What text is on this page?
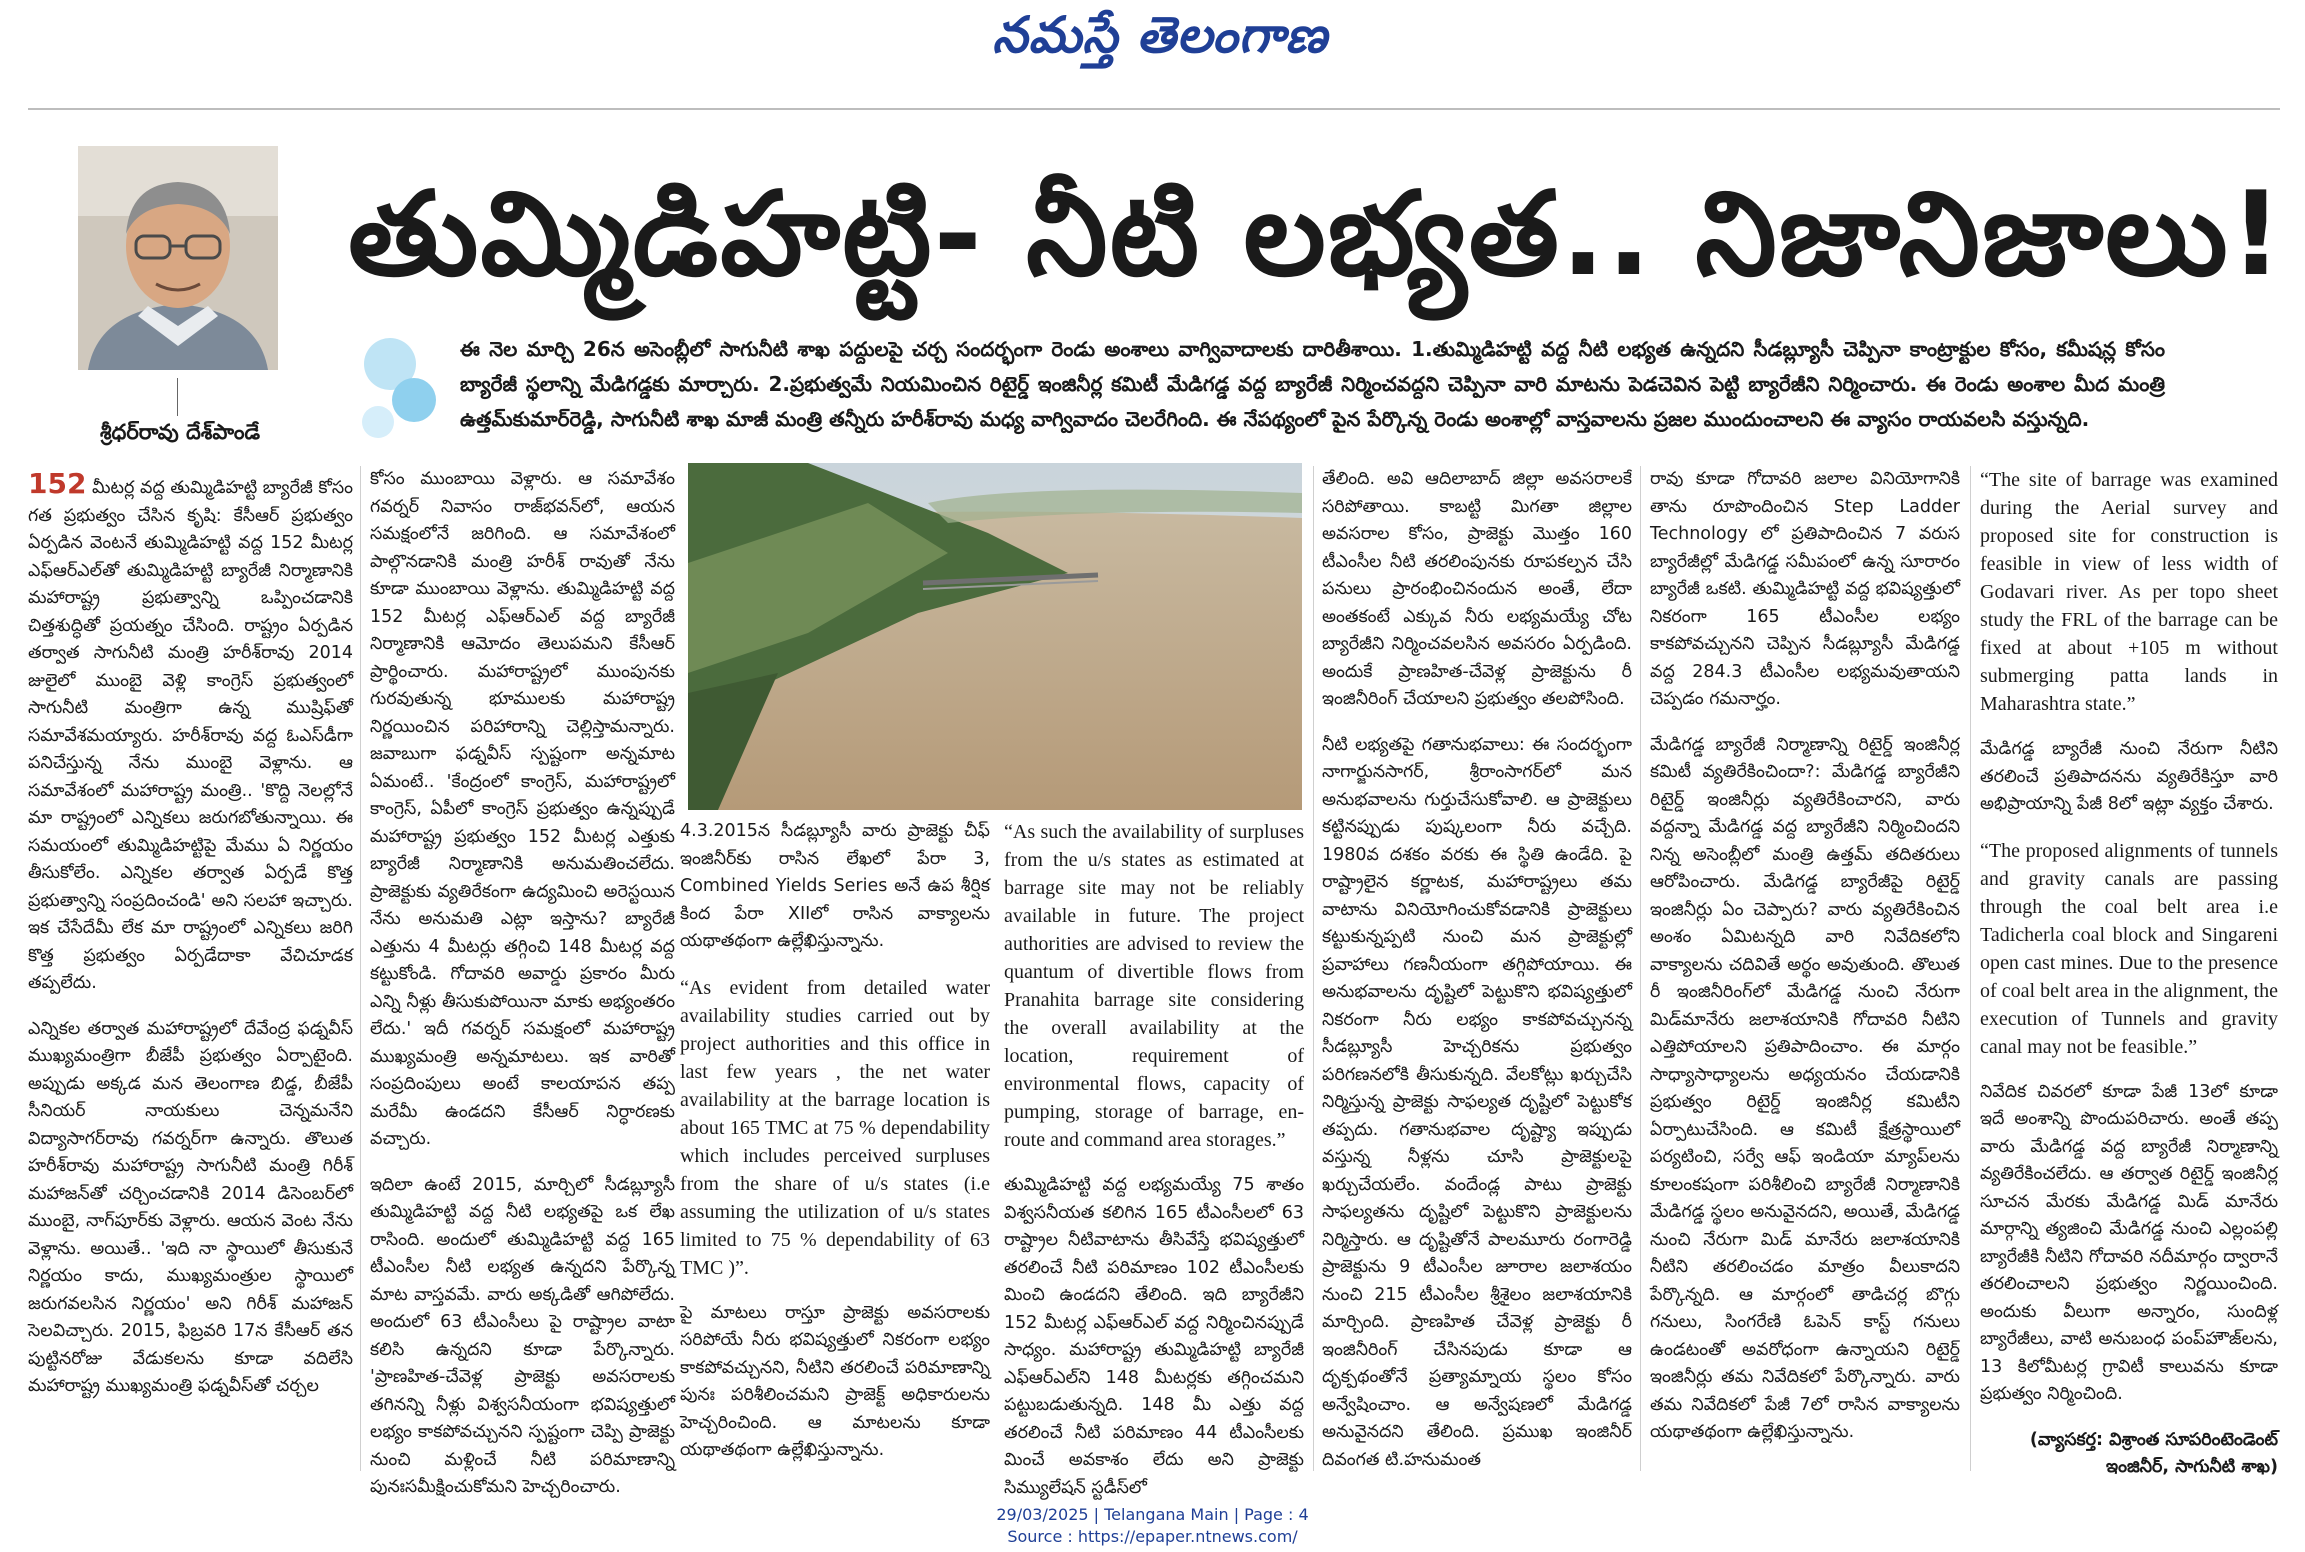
నమస్తే తెలంగాణ
శ్రీధర్‌రావు దేశ్‌పాండే
తుమ్మిడిహట్టి- నీటి లభ్యత.. నిజానిజాలు!
ఈ నెల మార్చి 26న అసెంబ్లీలో సాగునీటి శాఖ పద్దులపై చర్చ సందర్భంగా రెండు అంశాలు వాగ్వివాదాలకు దారితీశాయి. 1.తుమ్మిడిహట్టి వద్ద నీటి లభ్యత ఉన్నదని సీడబ్ల్యూసీ చెప్పినా కాంట్రాక్టుల కోసం, కమీషన్ల కోసం బ్యారేజీ స్థలాన్ని మేడిగడ్డకు మార్చారు. 2.ప్రభుత్వమే నియమించిన రిటైర్డ్ ఇంజినీర్ల కమిటీ మేడిగడ్డ వద్ద బ్యారేజీ నిర్మించవద్దని చెప్పినా వారి మాటను పెడచెవిన పెట్టి బ్యారేజీని నిర్మించారు. ఈ రెండు అంశాల మీద మంత్రి ఉత్తమ్‌కుమార్‌రెడ్డి, సాగునీటి శాఖ మాజీ మంత్రి తన్నీరు హరీశ్‌రావు మధ్య వాగ్వివాదం చెలరేగింది. ఈ నేపథ్యంలో పైన పేర్కొన్న రెండు అంశాల్లో వాస్తవాలను ప్రజల ముందుంచాలని ఈ వ్యాసం రాయవలసి వస్తున్నది.

152 మీటర్ల వద్ద తుమ్మిడిహట్టి బ్యారేజీ కోసం గత ప్రభుత్వం చేసిన కృషి: కేసీఆర్ ప్రభుత్వం ఏర్పడిన వెంటనే తుమ్మిడిహట్టి వద్ద 152 మీటర్ల ఎఫ్‌ఆర్‌ఎల్‌తో తుమ్మిడిహట్టి బ్యారేజీ నిర్మాణానికి మహారాష్ట్ర ప్రభుత్వాన్ని ఒప్పించడానికి చిత్తశుద్ధితో ప్రయత్నం చేసింది. రాష్ట్రం ఏర్పడిన తర్వాత సాగునీటి మంత్రి హరీశ్‌రావు 2014 జులైలో ముంబై వెళ్లి కాంగ్రెస్ ప్రభుత్వంలో సాగునీటి మంత్రిగా ఉన్న ముష్రిఫ్‌తో సమావేశమయ్యారు. హరీశ్‌రావు వద్ద ఓఎస్‌డీగా పనిచేస్తున్న నేను ముంబై వెళ్లాను. ఆ సమావేశంలో మహారాష్ట్ర మంత్రి.. 'కొద్ది నెలల్లోనే మా రాష్ట్రంలో ఎన్నికలు జరుగబోతున్నాయి. ఈ సమయంలో తుమ్మిడిహట్టిపై మేము ఏ నిర్ణయం తీసుకోలేం. ఎన్నికల తర్వాత ఏర్పడే కొత్త ప్రభుత్వాన్ని సంప్రదించండి' అని సలహా ఇచ్చారు. ఇక చేసేదేమీ లేక మా రాష్ట్రంలో ఎన్నికలు జరిగి కొత్త ప్రభుత్వం ఏర్పడేదాకా వేచిచూడక తప్పలేదు.

ఎన్నికల తర్వాత మహారాష్ట్రలో దేవేంద్ర ఫడ్నవీస్ ముఖ్యమంత్రిగా బీజేపీ ప్రభుత్వం ఏర్పాటైంది. అప్పుడు అక్కడ మన తెలంగాణ బిడ్డ, బీజేపీ సీనియర్ నాయకులు చెన్నమనేని విద్యాసాగర్‌రావు గవర్నర్‌గా ఉన్నారు. తొలుత హరీశ్‌రావు మహారాష్ట్ర సాగునీటి మంత్రి గిరీశ్ మహాజన్‌తో చర్చించడానికి 2014 డిసెంబర్‌లో ముంబై, నాగ్‌పూర్‌కు వెళ్లారు. ఆయన వెంట నేను వెళ్లాను. అయితే.. 'ఇది నా స్థాయిలో తీసుకునే నిర్ణయం కాదు, ముఖ్యమంత్రుల స్థాయిలో జరుగవలసిన నిర్ణయం' అని గిరీశ్ మహాజన్ సెలవిచ్చారు. 2015, ఫిబ్రవరి 17న కేసీఆర్ తన పుట్టినరోజు వేడుకలను కూడా వదిలేసి మహారాష్ట్ర ముఖ్యమంత్రి ఫడ్నవీస్‌తో చర్చల

కోసం ముంబాయి వెళ్లారు. ఆ సమావేశం గవర్నర్ నివాసం రాజ్‌భవన్‌లో, ఆయన సమక్షంలోనే జరిగింది. ఆ సమావేశంలో పాల్గొనడానికి మంత్రి హరీశ్ రావుతో నేను కూడా ముంబాయి వెళ్లాను. తుమ్మిడిహట్టి వద్ద 152 మీటర్ల ఎఫ్‌ఆర్‌ఎల్ వద్ద బ్యారేజీ నిర్మాణానికి ఆమోదం తెలుపమని కేసీఆర్ ప్రార్థించారు. మహారాష్ట్రలో ముంపునకు గురవుతున్న భూములకు మహారాష్ట్ర నిర్ణయించిన పరిహారాన్ని చెల్లిస్తామన్నారు. జవాబుగా ఫడ్నవీస్ స్పష్టంగా అన్నమాట ఏమంటే.. 'కేంద్రంలో కాంగ్రెస్, మహారాష్ట్రలో కాంగ్రెస్, ఏపీలో కాంగ్రెస్ ప్రభుత్వం ఉన్నప్పుడే మహారాష్ట్ర ప్రభుత్వం 152 మీటర్ల ఎత్తుకు బ్యారేజీ నిర్మాణానికి అనుమతించలేదు. ప్రాజెక్టుకు వ్యతిరేకంగా ఉద్యమించి అరెస్టయిన నేను అనుమతి ఎట్లా ఇస్తాను? బ్యారేజీ ఎత్తును 4 మీటర్లు తగ్గించి 148 మీటర్ల వద్ద కట్టుకోండి. గోదావరి అవార్డు ప్రకారం మీరు ఎన్ని నీళ్లు తీసుకుపోయినా మాకు అభ్యంతరం లేదు.' ఇదీ గవర్నర్ సమక్షంలో మహారాష్ట్ర ముఖ్యమంత్రి అన్నమాటలు. ఇక వారితో సంప్రదింపులు అంటే కాలయాపన తప్ప మరేమీ ఉండదని కేసీఆర్ నిర్ధారణకు వచ్చారు.

ఇదిలా ఉంటే 2015, మార్చిలో సీడబ్ల్యూసీ తుమ్మిడిహట్టి వద్ద నీటి లభ్యతపై ఒక లేఖ రాసింది. అందులో తుమ్మిడిహట్టి వద్ద 165 టీఎంసీల నీటి లభ్యత ఉన్నదని పేర్కొన్న మాట వాస్తవమే. వారు అక్కడితో ఆగిపోలేదు. అందులో 63 టీఎంసీలు పై రాష్ట్రాల వాటా కలిసి ఉన్నదని కూడా పేర్కొన్నారు. 'ప్రాణహిత-చేవెళ్ల ప్రాజెక్టు అవసరాలకు తగినన్ని నీళ్లు విశ్వసనీయంగా భవిష్యత్తులో లభ్యం కాకపోవచ్చునని స్పష్టంగా చెప్పి ప్రాజెక్టు నుంచి మళ్లించే నీటి పరిమాణాన్ని పునఃసమీక్షించుకోమని హెచ్చరించారు.

4.3.2015న సీడబ్ల్యూసీ వారు ప్రాజెక్టు చీఫ్ ఇంజినీర్‌కు రాసిన లేఖలో పేరా 3, Combined Yields Series అనే ఉప శీర్షిక కింద పేరా XIIలో రాసిన వాక్యాలను యథాతథంగా ఉల్లేఖిస్తున్నాను.

“As evident from detailed water availability studies carried out by project authorities and this office in last few years , the net water availability at the barrage location is about 165 TMC at 75 % dependability which includes perceived surpluses from the share of u/s states (i.e assuming the utilization of u/s states limited to 75 % dependability of 63 TMC )”.

పై మాటలు రాస్తూ ప్రాజెక్టు అవసరాలకు సరిపోయే నీరు భవిష్యత్తులో నికరంగా లభ్యం కాకపోవచ్చునని, నీటిని తరలించే పరిమాణాన్ని పునః పరిశీలించమని ప్రాజెక్ట్ అధికారులను హెచ్చరించింది. ఆ మాటలను కూడా యథాతథంగా ఉల్లేఖిస్తున్నాను.

“As such the availability of surpluses from the u/s states as estimated at barrage site may not be reliably available in future. The project authorities are advised to review the quantum of divertible flows from Pranahita barrage site considering the overall availability at the location, requirement of environmental flows, capacity of pumping, storage of barrage, en-route and command area storages.”

తుమ్మిడిహట్టి వద్ద లభ్యమయ్యే 75 శాతం విశ్వసనీయత కలిగిన 165 టీఎంసీలలో 63 రాష్ట్రాల నీటివాటాను తీసివేస్తే భవిష్యత్తులో తరలించే నీటి పరిమాణం 102 టీఎంసీలకు మించి ఉండదని తేలింది. ఇది బ్యారేజీని 152 మీటర్ల ఎఫ్‌ఆర్‌ఎల్ వద్ద నిర్మించినప్పుడే సాధ్యం. మహారాష్ట్ర తుమ్మిడిహట్టి బ్యారేజీ ఎఫ్‌ఆర్‌ఎల్‌ని 148 మీటర్లకు తగ్గించమని పట్టుబడుతున్నది. 148 మీ ఎత్తు వద్ద తరలించే నీటి పరిమాణం 44 టీఎంసీలకు మించే అవకాశం లేదు అని ప్రాజెక్టు సిమ్యులేషన్ స్టడీస్‌లో

తేలింది. అవి ఆదిలాబాద్ జిల్లా అవసరాలకే సరిపోతాయి. కాబట్టి మిగతా జిల్లాల అవసరాల కోసం, ప్రాజెక్టు మొత్తం 160 టీఎంసీల నీటి తరలింపునకు రూపకల్పన చేసి పనులు ప్రారంభించినందున అంతే, లేదా అంతకంటే ఎక్కువ నీరు లభ్యమయ్యే చోట బ్యారేజీని నిర్మించవలసిన అవసరం ఏర్పడింది. అందుకే ప్రాణహిత-చేవెళ్ల ప్రాజెక్టును రీ ఇంజినీరింగ్ చేయాలని ప్రభుత్వం తలపోసింది.

నీటి లభ్యతపై గతానుభవాలు: ఈ సందర్భంగా నాగార్జునసాగర్, శ్రీరాంసాగర్‌లో మన అనుభవాలను గుర్తుచేసుకోవాలి. ఆ ప్రాజెక్టులు కట్టినప్పుడు పుష్కలంగా నీరు వచ్చేది. 1980వ దశకం వరకు ఈ స్థితి ఉండేది. పై రాష్ట్రాలైన కర్ణాటక, మహారాష్ట్రలు తమ వాటాను వినియోగించుకోవడానికి ప్రాజెక్టులు కట్టుకున్నప్పటి నుంచి మన ప్రాజెక్టుల్లో ప్రవాహాలు గణనీయంగా తగ్గిపోయాయి. ఈ అనుభవాలను దృష్టిలో పెట్టుకొని భవిష్యత్తులో నికరంగా నీరు లభ్యం కాకపోవచ్చునన్న సీడబ్ల్యూసీ హెచ్చరికను ప్రభుత్వం పరిగణనలోకి తీసుకున్నది. వేలకోట్లు ఖర్చుచేసి నిర్మిస్తున్న ప్రాజెక్టు సాఫల్యత దృష్టిలో పెట్టుకోక తప్పదు. గతానుభవాల దృష్ట్యా ఇప్పుడు వస్తున్న నీళ్లను చూసి ప్రాజెక్టులపై ఖర్చుచేయలేం. వందేండ్ల పాటు ప్రాజెక్టు సాఫల్యతను దృష్టిలో పెట్టుకొని ప్రాజెక్టులను నిర్మిస్తారు. ఆ దృష్టితోనే పాలమూరు రంగారెడ్డి ప్రాజెక్టును 9 టీఎంసీల జూరాల జలాశయం నుంచి 215 టీఎంసీల శ్రీశైలం జలాశయానికి మార్చింది. ప్రాణహిత చేవెళ్ల ప్రాజెక్టు రీ ఇంజినీరింగ్ చేసినపుడు కూడా ఆ దృక్పథంతోనే ప్రత్యామ్నాయ స్థలం కోసం అన్వేషించాం. ఆ అన్వేషణలో మేడిగడ్డ అనువైనదని తేలింది. ప్రముఖ ఇంజినీర్ దివంగత టి.హనుమంత

రావు కూడా గోదావరి జలాల వినియోగానికి తాను రూపొందించిన Step Ladder Technology లో ప్రతిపాదించిన 7 వరుస బ్యారేజీల్లో మేడిగడ్డ సమీపంలో ఉన్న సూరారం బ్యారేజీ ఒకటి. తుమ్మిడిహట్టి వద్ద భవిష్యత్తులో నికరంగా 165 టీఎంసీల లభ్యం కాకపోవచ్చునని చెప్పిన సీడబ్ల్యూసీ మేడిగడ్డ వద్ద 284.3 టీఎంసీల లభ్యమవుతాయని చెప్పడం గమనార్హం.

మేడిగడ్డ బ్యారేజీ నిర్మాణాన్ని రిటైర్డ్ ఇంజినీర్ల కమిటీ వ్యతిరేకించిందా?: మేడిగడ్డ బ్యారేజీని రిటైర్డ్ ఇంజినీర్లు వ్యతిరేకించారని, వారు వద్దన్నా మేడిగడ్డ వద్ద బ్యారేజీని నిర్మించిందని నిన్న అసెంబ్లీలో మంత్రి ఉత్తమ్ తదితరులు ఆరోపించారు. మేడిగడ్డ బ్యారేజీపై రిటైర్డ్ ఇంజినీర్లు ఏం చెప్పారు? వారు వ్యతిరేకించిన అంశం ఏమిటన్నది వారి నివేదికలోని వాక్యాలను చదివితే అర్థం అవుతుంది. తొలుత రీ ఇంజినీరింగ్‌లో మేడిగడ్డ నుంచి నేరుగా మిడ్‌మానేరు జలాశయానికి గోదావరి నీటిని ఎత్తిపోయాలని ప్రతిపాదించాం. ఈ మార్గం సాధ్యాసాధ్యాలను అధ్యయనం చేయడానికి ప్రభుత్వం రిటైర్డ్ ఇంజినీర్ల కమిటీని ఏర్పాటుచేసింది. ఆ కమిటీ క్షేత్రస్థాయిలో పర్యటించి, సర్వే ఆఫ్ ఇండియా మ్యాప్‌లను కూలంకషంగా పరిశీలించి బ్యారేజీ నిర్మాణానికి మేడిగడ్డ స్థలం అనువైనదని, అయితే, మేడిగడ్డ నుంచి నేరుగా మిడ్ మానేరు జలాశయానికి నీటిని తరలించడం మాత్రం వీలుకాదని పేర్కొన్నది. ఆ మార్గంలో తాడిచర్ల బొగ్గు గనులు, సింగరేణి ఓపెన్ కాస్ట్ గనులు ఉండటంతో అవరోధంగా ఉన్నాయని రిటైర్డ్ ఇంజినీర్లు తమ నివేదికలో పేర్కొన్నారు. వారు తమ నివేదికలో పేజీ 7లో రాసిన వాక్యాలను యథాతథంగా ఉల్లేఖిస్తున్నాను.

“The site of barrage was examined during the Aerial survey and proposed site for construction is feasible in view of less width of Godavari river. As per topo sheet study the FRL of the barrage can be fixed at about +105 m without submerging patta lands in Maharashtra state.”

మేడిగడ్డ బ్యారేజీ నుంచి నేరుగా నీటిని తరలించే ప్రతిపాదనను వ్యతిరేకిస్తూ వారి అభిప్రాయాన్ని పేజీ 8లో ఇట్లా వ్యక్తం చేశారు.

“The proposed alignments of tunnels and gravity canals are passing through the coal belt area i.e Tadicherla coal block and Singareni open cast mines. Due to the presence of coal belt area in the alignment, the execution of Tunnels and gravity canal may not be feasible.”

నివేదిక చివరలో కూడా పేజీ 13లో కూడా ఇదే అంశాన్ని పొందుపరిచారు. అంతే తప్ప వారు మేడిగడ్డ వద్ద బ్యారేజీ నిర్మాణాన్ని వ్యతిరేకించలేదు. ఆ తర్వాత రిటైర్డ్ ఇంజినీర్ల సూచన మేరకు మేడిగడ్డ మిడ్ మానేరు మార్గాన్ని త్యజించి మేడిగడ్డ నుంచి ఎల్లంపల్లి బ్యారేజీకి నీటిని గోదావరి నదీమార్గం ద్వారానే తరలించాలని ప్రభుత్వం నిర్ణయించింది. అందుకు వీలుగా అన్నారం, సుందిళ్ల బ్యారేజీలు, వాటి అనుబంధ పంప్‌హౌజ్‌లను, 13 కిలోమీటర్ల గ్రావిటీ కాలువను కూడా ప్రభుత్వం నిర్మించింది.

(వ్యాసకర్త: విశ్రాంత సూపరింటెండెంట్ ఇంజినీర్, సాగునీటి శాఖ)

29/03/2025 | Telangana Main | Page : 4
Source : https://epaper.ntnews.com/
